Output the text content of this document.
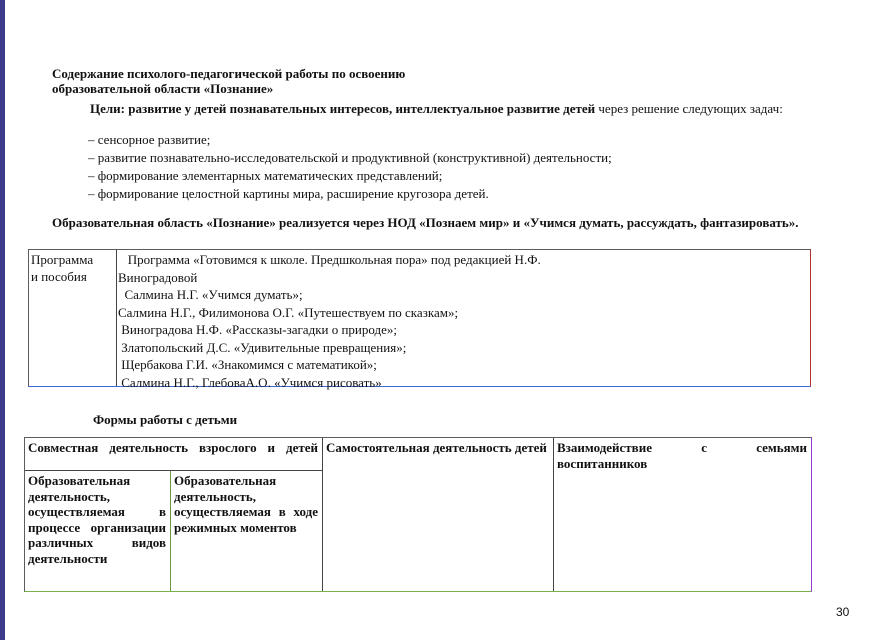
Содержание психолого-педагогической работы по освоению
образовательной области «Познание»
Цели: развитие у детей познавательных интересов, интеллектуальное развитие детей через решение следующих задач:
– сенсорное развитие;
– развитие познавательно-исследовательской и продуктивной (конструктивной) деятельности;
– формирование элементарных математических представлений;
– формирование целостной картины мира, расширение кругозора детей.
Образовательная область «Познание» реализуется через НОД «Познаем мир» и «Учимся думать, рассуждать, фантазировать».
Программа
и пособия
Программа «Готовимся к школе. Предшкольная пора» под редакцией Н.Ф.
Виноградовой
Салмина Н.Г. «Учимся думать»;
Салмина Н.Г., Филимонова О.Г. «Путешествуем по сказкам»;
Виноградова Н.Ф. «Рассказы-загадки о природе»;
Златопольский Д.С. «Удивительные превращения»;
Щербакова Г.И. «Знакомимся с математикой»;
Салмина Н.Г., ГлебоваА.О. «Учимся рисовать»
Формы работы с детьми
Совместная деятельность взрослого и детей Самостоятельная деятельность детей Взаимодействие с семьями воспитанников
Образовательная деятельность, осуществляемая в процессе организации различных видов деятельности
Образовательная деятельность, осуществляемая в ходе режимных моментов
30
